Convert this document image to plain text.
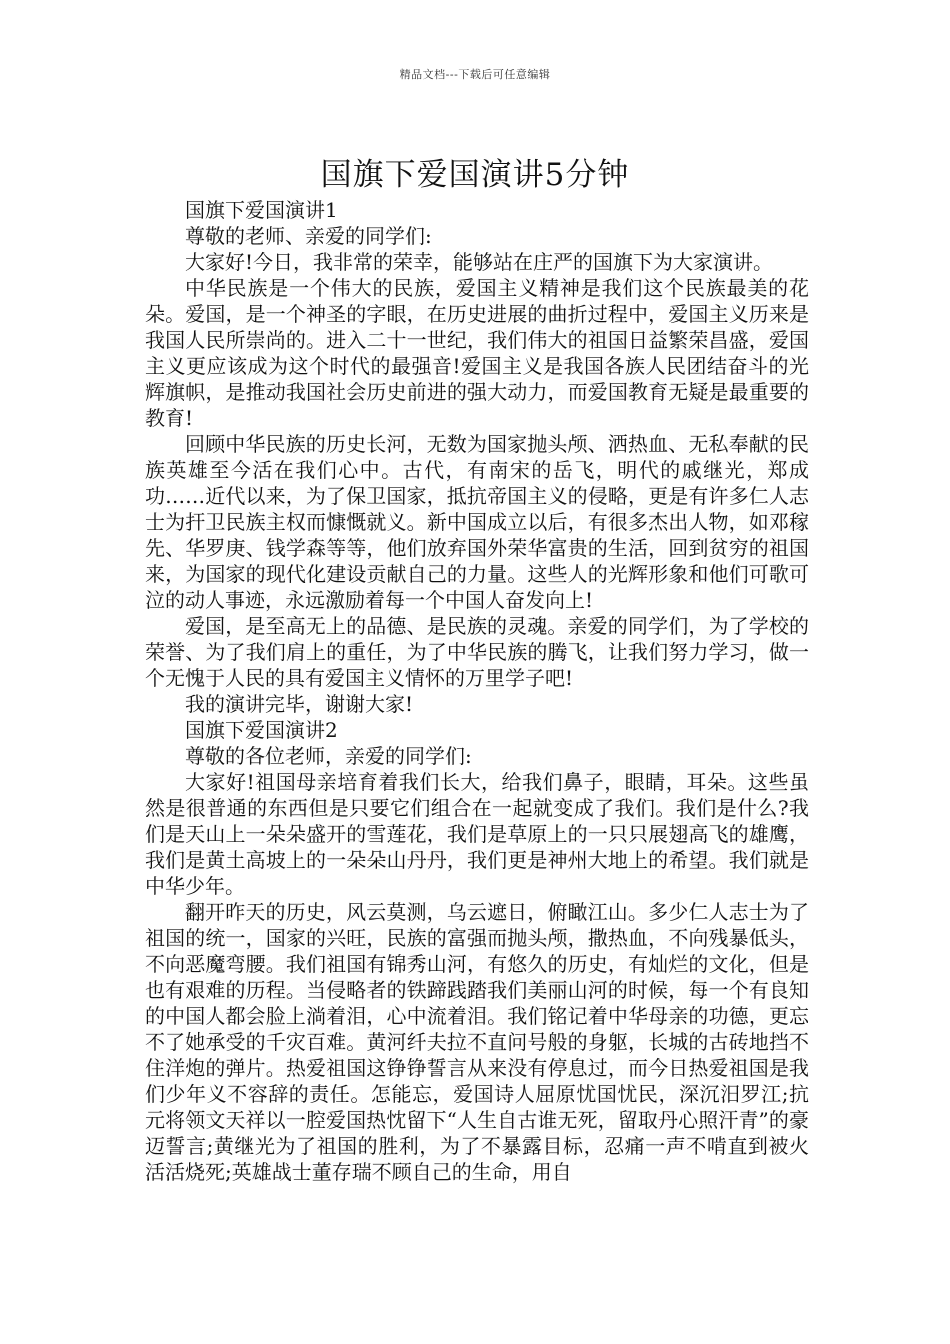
精品文档---下载后可任意编辑
国旗下爱国演讲5分钟

国旗下爱国演讲1

尊敬的老师、亲爱的同学们:

大家好!今日，我非常的荣幸，能够站在庄严的国旗下为大家演讲。

中华民族是一个伟大的民族，爱国主义精神是我们这个民族最美的花朵。爱国，是一个神圣的字眼，在历史进展的曲折过程中，爱国主义历来是我国人民所崇尚的。进入二十一世纪，我们伟大的祖国日益繁荣昌盛，爱国主义更应该成为这个时代的最强音!爱国主义是我国各族人民团结奋斗的光辉旗帜，是推动我国社会历史前进的强大动力，而爱国教育无疑是最重要的教育!

回顾中华民族的历史长河，无数为国家抛头颅、洒热血、无私奉献的民族英雄至今活在我们心中。古代，有南宋的岳飞，明代的戚继光，郑成功……近代以来，为了保卫国家，抵抗帝国主义的侵略，更是有许多仁人志士为扞卫民族主权而慷慨就义。新中国成立以后，有很多杰出人物，如邓稼先、华罗庚、钱学森等等，他们放弃国外荣华富贵的生活，回到贫穷的祖国来，为国家的现代化建设贡献自己的力量。这些人的光辉形象和他们可歌可泣的动人事迹，永远激励着每一个中国人奋发向上!

爱国，是至高无上的品德、是民族的灵魂。亲爱的同学们，为了学校的荣誉、为了我们肩上的重任，为了中华民族的腾飞，让我们努力学习，做一个无愧于人民的具有爱国主义情怀的万里学子吧!

我的演讲完毕，谢谢大家!

国旗下爱国演讲2

尊敬的各位老师，亲爱的同学们:

大家好!祖国母亲培育着我们长大，给我们鼻子，眼睛，耳朵。这些虽然是很普通的东西但是只要它们组合在一起就变成了我们。我们是什么?我们是天山上一朵朵盛开的雪莲花，我们是草原上的一只只展翅高飞的雄鹰，我们是黄土高坡上的一朵朵山丹丹，我们更是神州大地上的希望。我们就是中华少年。

翻开昨天的历史，风云莫测，乌云遮日，俯瞰江山。多少仁人志士为了祖国的统一，国家的兴旺，民族的富强而抛头颅，撒热血，不向残暴低头，不向恶魔弯腰。我们祖国有锦秀山河，有悠久的历史，有灿烂的文化，但是也有艰难的历程。当侵略者的铁蹄践踏我们美丽山河的时候，每一个有良知的中国人都会脸上淌着泪，心中流着泪。我们铭记着中华母亲的功德，更忘不了她承受的千灾百难。黄河纤夫拉不直问号般的身躯，长城的古砖地挡不住洋炮的弹片。热爱祖国这铮铮誓言从来没有停息过，而今日热爱祖国是我们少年义不容辞的责任。怎能忘，爱国诗人屈原忧国忧民，深沉汨罗江;抗元将领文天祥以一腔爱国热忱留下“人生自古谁无死，留取丹心照汗青”的豪迈誓言;黄继光为了祖国的胜利，为了不暴露目标，忍痛一声不啃直到被火活活烧死;英雄战士董存瑞不顾自己的生命，用自
